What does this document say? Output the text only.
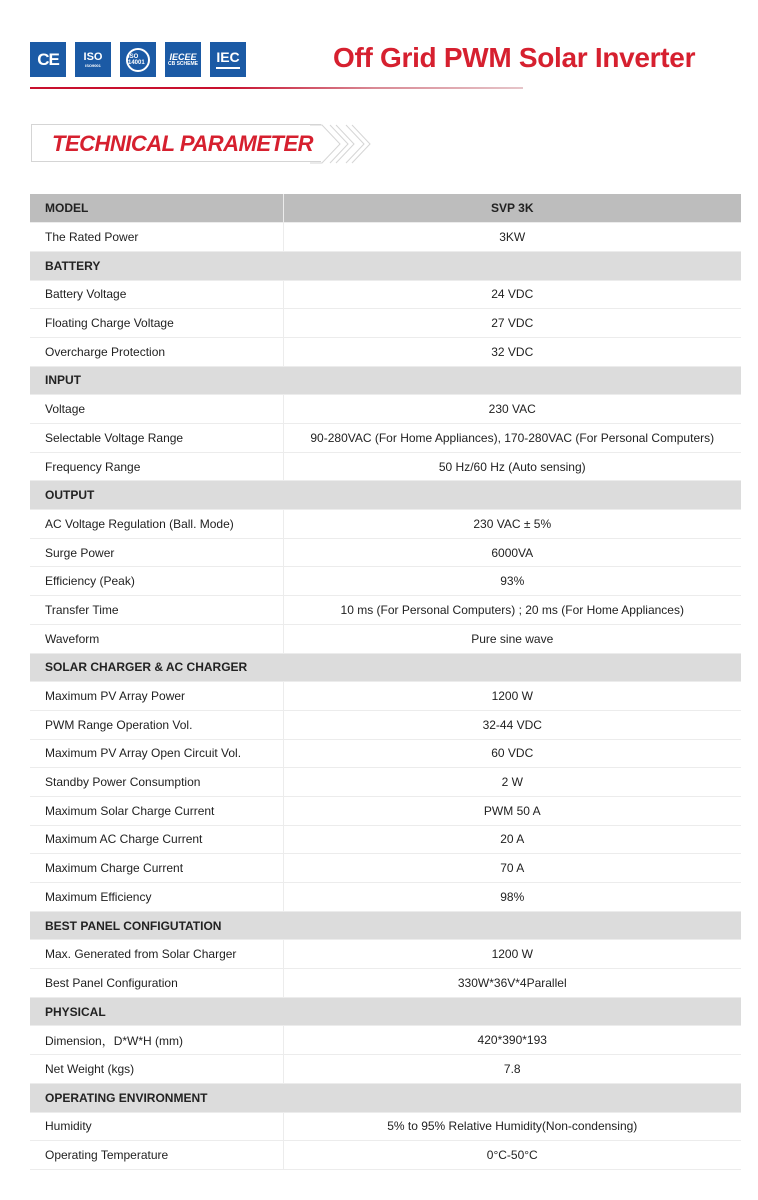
CE ISO
ISO9001
ISO 14001
IECEE
CB SCHEME IEC	Off Grid PWM Solar Inverter
TECHNICAL PARAMETER
MODEL	SVP 3K
The Rated Power	3KW
BATTERY	
Battery Voltage	24 VDC
Floating Charge Voltage	27 VDC
Overcharge Protection	32 VDC
INPUT	
Voltage	230 VAC
Selectable Voltage Range	90-280VAC (For Home Appliances), 170-280VAC (For Personal Computers)
Frequency Range	50 Hz/60 Hz (Auto sensing)
OUTPUT	
AC Voltage Regulation (Ball. Mode)	230 VAC ± 5%
Surge Power	6000VA
Efficiency (Peak)	93%
Transfer Time	10 ms (For Personal Computers) ; 20 ms (For Home Appliances)
Waveform	Pure sine wave
SOLAR CHARGER & AC CHARGER	
Maximum PV Array Power	1200 W
PWM Range Operation Vol.	32-44 VDC
Maximum PV Array Open Circuit Vol.	60 VDC
Standby Power Consumption	2 W
Maximum Solar Charge Current	PWM 50 A
Maximum AC Charge Current	20 A
Maximum Charge Current	70 A
Maximum Efficiency	98%
BEST PANEL CONFIGUTATION	
Max. Generated from Solar Charger	1200 W
Best Panel Configuration	330W*36V*4Parallel
PHYSICAL	
Dimension，D*W*H (mm)	420*390*193
Net Weight (kgs)	7.8
OPERATING ENVIRONMENT	
Humidity	5% to 95% Relative Humidity(Non-condensing)
Operating Temperature	0°C-50°C
